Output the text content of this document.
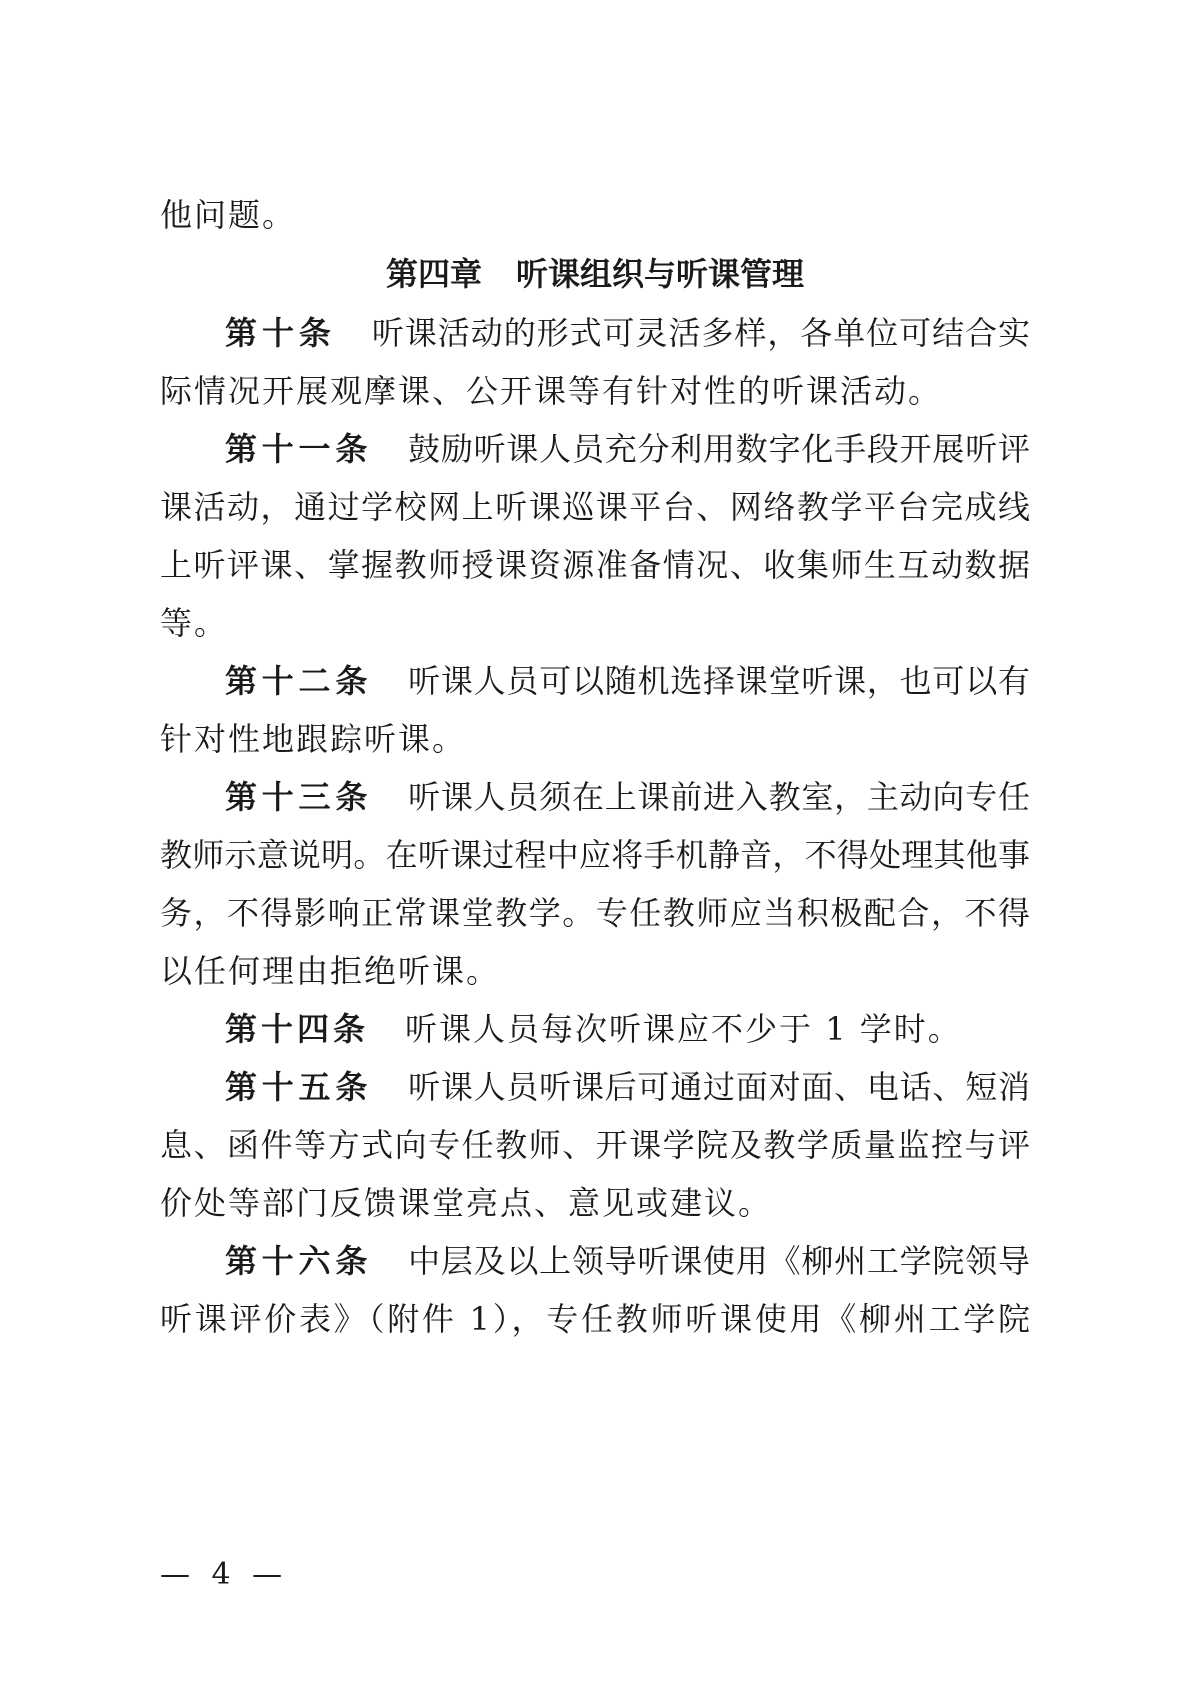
他问题。
第四章 听课组织与听课管理
第十条 听课活动的形式可灵活多样，各单位可结合实
际情况开展观摩课、公开课等有针对性的听课活动。
第十一条 鼓励听课人员充分利用数字化手段开展听评
课活动，通过学校网上听课巡课平台、网络教学平台完成线
上听评课、掌握教师授课资源准备情况、收集师生互动数据
等。
第十二条 听课人员可以随机选择课堂听课，也可以有
针对性地跟踪听课。
第十三条 听课人员须在上课前进入教室，主动向专任
教师示意说明。在听课过程中应将手机静音，不得处理其他事
务，不得影响正常课堂教学。专任教师应当积极配合，不得
以任何理由拒绝听课。
第十四条 听课人员每次听课应不少于 1 学时。
第十五条 听课人员听课后可通过面对面、电话、短消
息、函件等方式向专任教师、开课学院及教学质量监控与评
价处等部门反馈课堂亮点、意见或建议。
第十六条 中层及以上领导听课使用《柳州工学院领导
听课评价表》（附件 1），专任教师听课使用《柳州工学院
— 4 —
